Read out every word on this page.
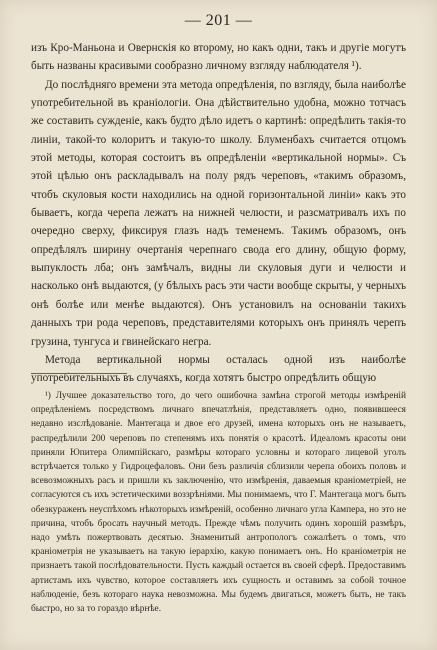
— 201 —

изъ Кро-Маньона и Овернскія ко второму, но какъ одни, такъ и другіе могутъ быть названы красивыми сообразно личному взгляду наблюдателя ¹).

До послѣдняго времени эта метода опредѣленія, по взгляду, была наиболѣе употребительной въ краніологіи. Она дѣйствительно удобна, можно тотчасъ же составить сужденіе, какъ будто дѣло идетъ о картинѣ: опредѣлить такія-то линіи, такой-то колоритъ и такую-то школу. Блуменбахъ считается отцомъ этой методы, которая состоитъ въ опредѣленіи «вертикальной нормы». Съ этой цѣлью онъ раскладывалъ на полу рядъ череповъ, «такимъ образомъ, чтобъ скуловыя кости находились на одной горизонтальной линіи» какъ это бываетъ, когда черепа лежатъ на нижней челюсти, и разсматривалъ ихъ по очередно сверху, фиксируя глазъ надъ теменемъ. Такимъ образомъ, онъ опредѣлялъ ширину очертанія черепнаго свода его длину, общую форму, выпуклость лба; онъ замѣчалъ, видны ли скуловыя дуги и челюсти и насколько онѣ выдаются, (у бѣлыхъ расъ эти части вообще скрыты, у черныхъ онѣ болѣе или менѣе выдаются). Онъ установилъ на основаніи такихъ данныхъ три рода череповъ, представителями которыхъ онъ принялъ черепъ грузина, тунгуса и гвинейскаго негра.

Метода вертикальной нормы осталась одной изъ наиболѣе употребительныхъ въ случаяхъ, когда хотятъ быстро опредѣлить общую

¹) Лучшее доказательство того, до чего ошибочна замѣна строгой методы измѣреній опредѣленіемъ посредствомъ личнаго впечатлѣнія, представляетъ одно, появившееся недавно изслѣдованіе. Мантегаца и двое его друзей, имена которыхъ онъ не называетъ, распредѣлили 200 череповъ по степенямъ ихъ понятія о красотѣ. Идеаломъ красоты они приняли Юпитера Олимпійскаго, размѣры котораго условны и котораго лицевой уголъ встрѣчается только у Гидроцефаловъ. Они безъ различія сблизили черепа обоихъ половъ и всевозможныхъ расъ и пришли къ заключенію, что измѣренія, даваемыя краніометріей, не согласуются съ ихъ эстетическими воззрѣніями. Мы понимаемъ, что Г. Мантегаца могъ быть обезкураженъ неуспѣхомъ нѣкоторыхъ измѣреній, особенно личнаго угла Кампера, но это не причина, чтобъ бросать научный методъ. Прежде чѣмъ получить одинъ хорошій размѣръ, надо умѣть пожертвовать десятью. Знаменитый антропологъ сожалѣетъ о томъ, что краніометрія не указываетъ на такую іерархію, какую понимаетъ онъ. Но краніометрія не признаетъ такой послѣдовательности. Пусть каждый остается въ своей сферѣ. Предоставимъ артистамъ ихъ чувство, которое составляетъ ихъ сущность и оставимъ за собой точное наблюденіе, безъ котораго наука невозможна. Мы будемъ двигаться, можетъ быть, не такъ быстро, но за то гораздо вѣрнѣе.
